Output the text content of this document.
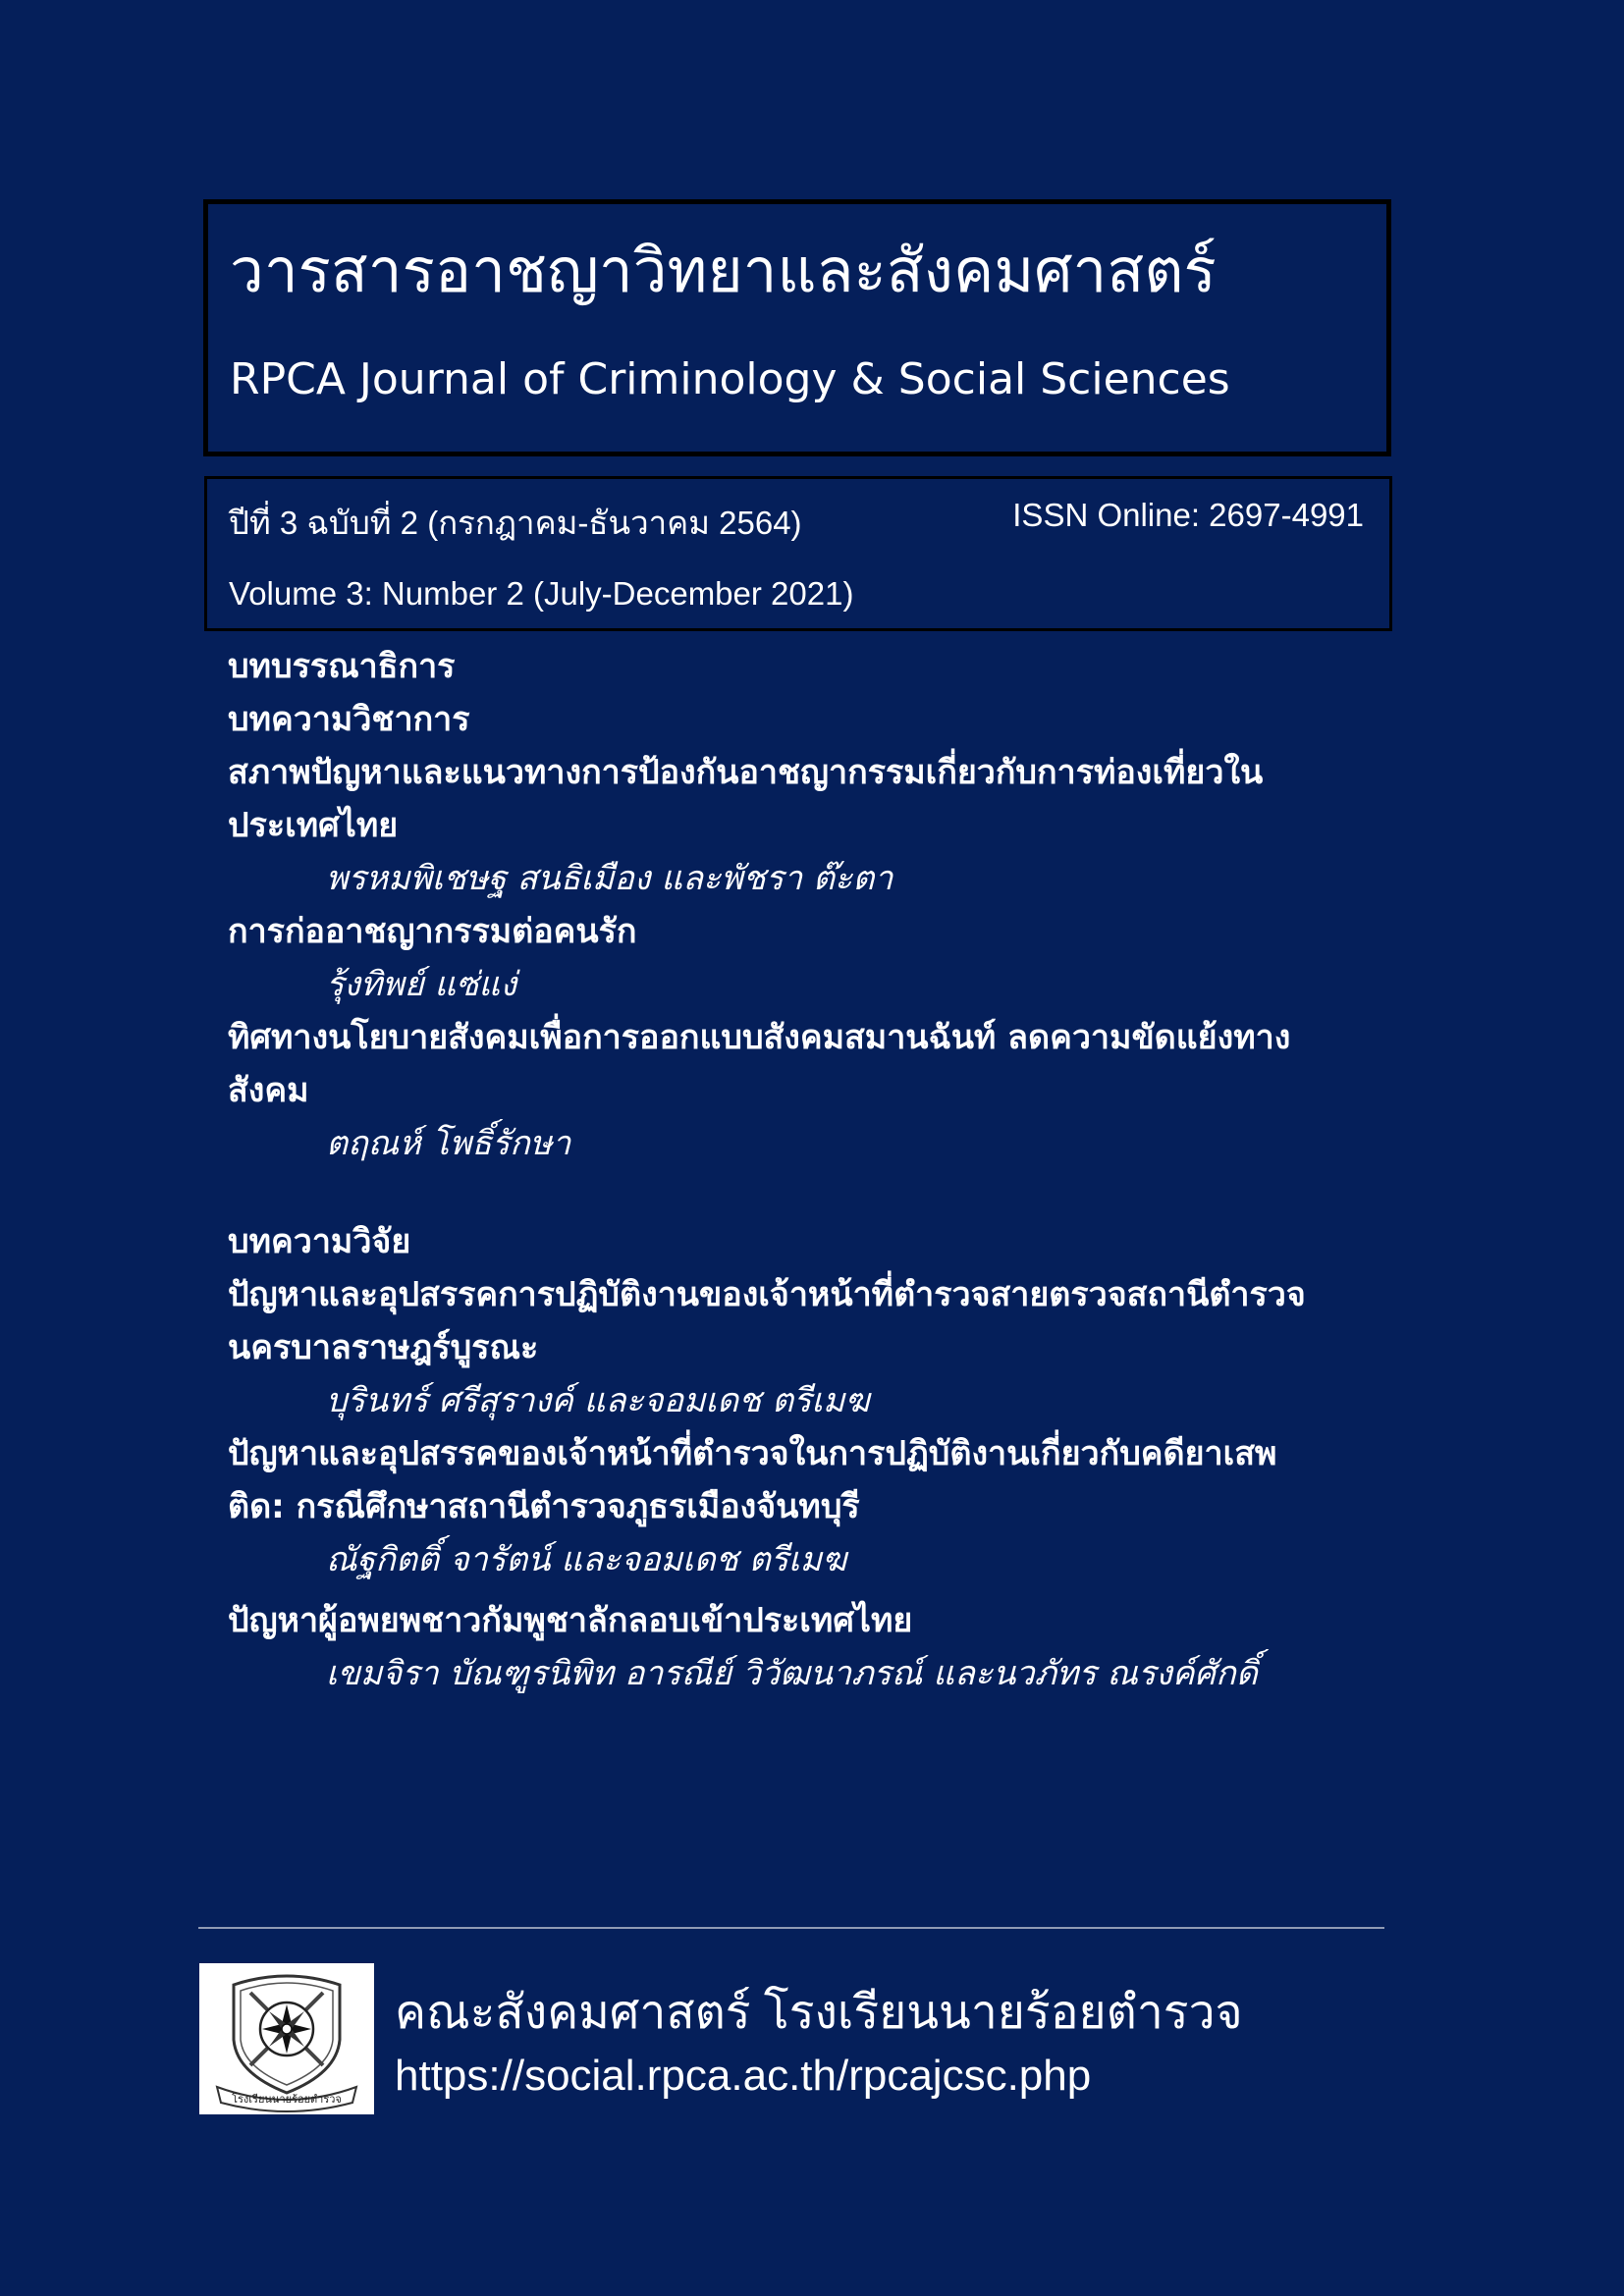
วารสารอาชญาวิทยาและสังคมศาสตร์
RPCA Journal of Criminology & Social Sciences
ปีที่ 3 ฉบับที่ 2 (กรกฎาคม-ธันวาคม 2564)	ISSN Online: 2697-4991
Volume 3: Number 2 (July-December 2021)
บทบรรณาธิการ
บทความวิชาการ
สภาพปัญหาและแนวทางการป้องกันอาชญากรรมเกี่ยวกับการท่องเที่ยวใน
ประเทศไทย
พรหมพิเชษฐ สนธิเมือง และพัชรา ต๊ะตา
การก่ออาชญากรรมต่อคนรัก
รุ้งทิพย์ แซ่แง่
ทิศทางนโยบายสังคมเพื่อการออกแบบสังคมสมานฉันท์ ลดความขัดแย้งทาง
สังคม
ตฤณห์ โพธิ์รักษา
บทความวิจัย
ปัญหาและอุปสรรคการปฏิบัติงานของเจ้าหน้าที่ตำรวจสายตรวจสถานีตำรวจ
นครบาลราษฎร์บูรณะ
บุรินทร์ ศรีสุรางค์ และจอมเดช ตรีเมฆ
ปัญหาและอุปสรรคของเจ้าหน้าที่ตำรวจในการปฏิบัติงานเกี่ยวกับคดียาเสพ
ติด: กรณีศึกษาสถานีตำรวจภูธรเมืองจันทบุรี
ณัฐกิตติ์ จารัตน์ และจอมเดช ตรีเมฆ
ปัญหาผู้อพยพชาวกัมพูชาลักลอบเข้าประเทศไทย
เขมจิรา บัณฑูรนิพิท อารณีย์ วิวัฒนาภรณ์ และนวภัทร ณรงค์ศักดิ์
โรงเรียนนายร้อยตำรวจ
คณะสังคมศาสตร์ โรงเรียนนายร้อยตำรวจ
https://social.rpca.ac.th/rpcajcsc.php
